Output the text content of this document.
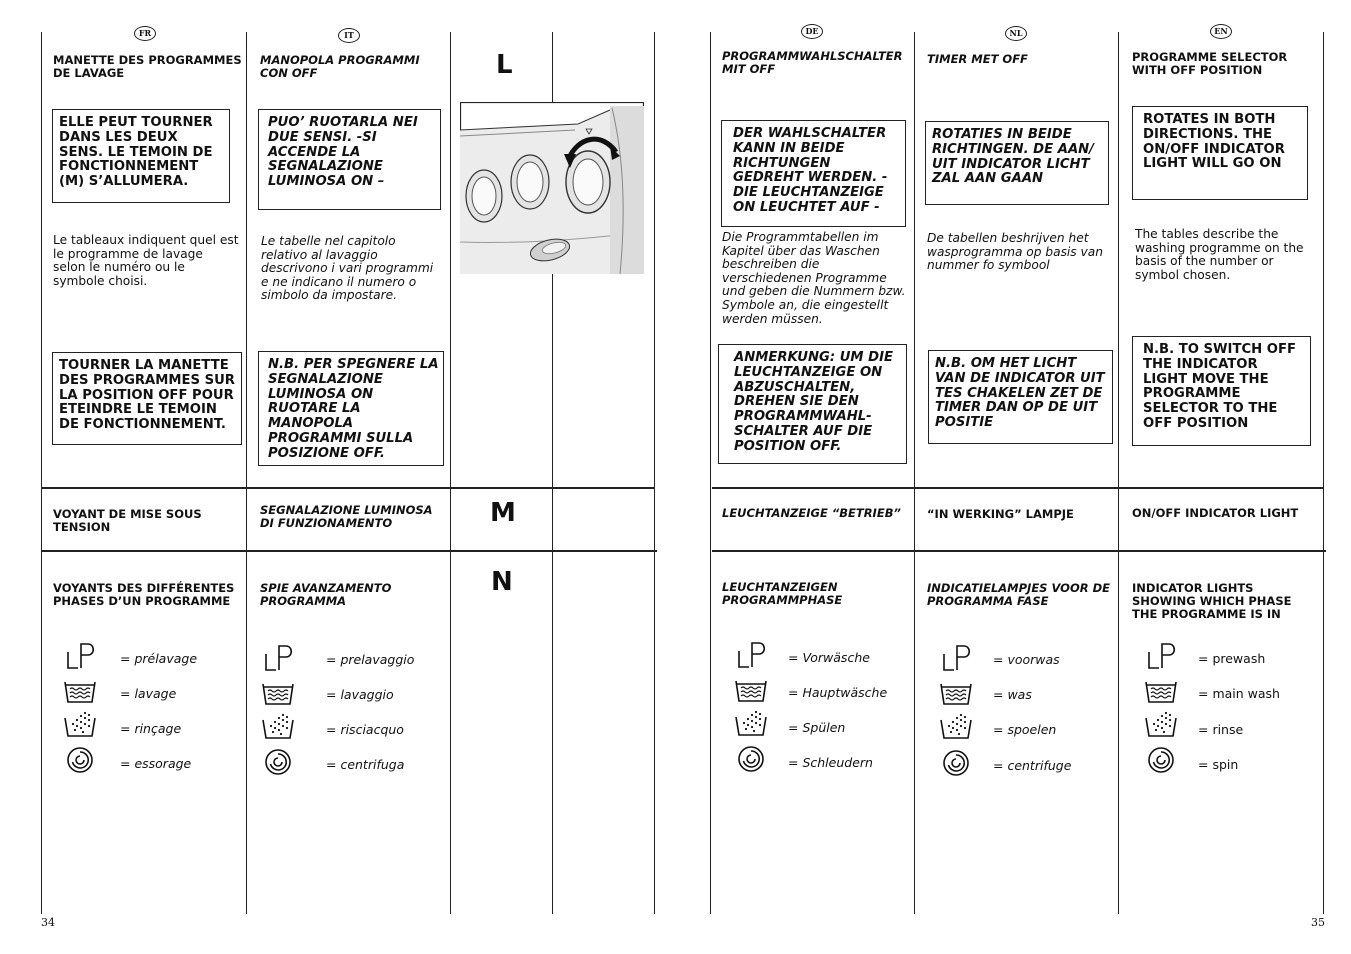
34	35
L
M
N
FR
MANETTE DES PROGRAMMES DE LAVAGE
ELLE PEUT TOURNER DANS LES DEUX SENS. LE TEMOIN DE FONCTIONNEMENT (M) S’ALLUMERA.
Le tableaux indiquent quel est le programme de lavage selon le numéro ou le symbole choisi.
TOURNER LA MANETTE DES PROGRAMMES SUR LA POSITION OFF POUR ETEINDRE LE TEMOIN DE FONCTIONNEMENT.
VOYANT DE MISE SOUS TENSION
VOYANTS DES DIFFÉRENTES PHASES D’UN PROGRAMME
= prélavage
= lavage
= rinçage
= essorage
IT
MANOPOLA PROGRAMMI CON OFF
PUO’ RUOTARLA NEI DUE SENSI. -SI ACCENDE LA SEGNALAZIONE LUMINOSA ON –
Le tabelle nel capitolo relativo al lavaggio descrivono i vari programmi e ne indicano il numero o simbolo da impostare.
N.B. PER SPEGNERE LA SEGNALAZIONE LUMINOSA ON RUOTARE LA MANOPOLA PROGRAMMI SULLA POSIZIONE OFF.
SEGNALAZIONE LUMINOSA DI FUNZIONAMENTO
SPIE AVANZAMENTO PROGRAMMA
= prelavaggio
= lavaggio
= risciacquo
= centrifuga
DE
PROGRAMMWAHLSCHALTER MIT OFF
DER WAHLSCHALTER KANN IN BEIDE RICHTUNGEN GEDREHT WERDEN. - DIE LEUCHTANZEIGE ON LEUCHTET AUF -
Die Programmtabellen im Kapitel über das Waschen beschreiben die verschiedenen Programme und geben die Nummern bzw. Symbole an, die eingestellt werden müssen.
ANMERKUNG: UM DIE LEUCHTANZEIGE ON ABZUSCHALTEN, DREHEN SIE DEN PROGRAMMWAHL- SCHALTER AUF DIE POSITION OFF.
LEUCHTANZEIGE “BETRIEB”
LEUCHTANZEIGEN PROGRAMMPHASE
= Vorwäsche
= Hauptwäsche
= Spülen
= Schleudern
NL
TIMER MET OFF
ROTATIES IN BEIDE RICHTINGEN. DE AAN/ UIT INDICATOR LICHT ZAL AAN GAAN
De tabellen beshrijven het wasprogramma op basis van nummer fo symbool
N.B. OM HET LICHT VAN DE INDICATOR UIT TES CHAKELEN ZET DE TIMER DAN OP DE UIT POSITIE
“IN WERKING” LAMPJE
INDICATIELAMPJES VOOR DE PROGRAMMA FASE
= voorwas
= was
= spoelen
= centrifuge
EN
PROGRAMME SELECTOR WITH OFF POSITION
ROTATES IN BOTH DIRECTIONS. THE ON/OFF INDICATOR LIGHT WILL GO ON
The tables describe the washing programme on the basis of the number or symbol chosen.
N.B. TO SWITCH OFF THE INDICATOR LIGHT MOVE THE PROGRAMME SELECTOR TO THE OFF POSITION
ON/OFF INDICATOR LIGHT
INDICATOR LIGHTS SHOWING WHICH PHASE THE PROGRAMME IS IN
= prewash
= main wash
= rinse
= spin
